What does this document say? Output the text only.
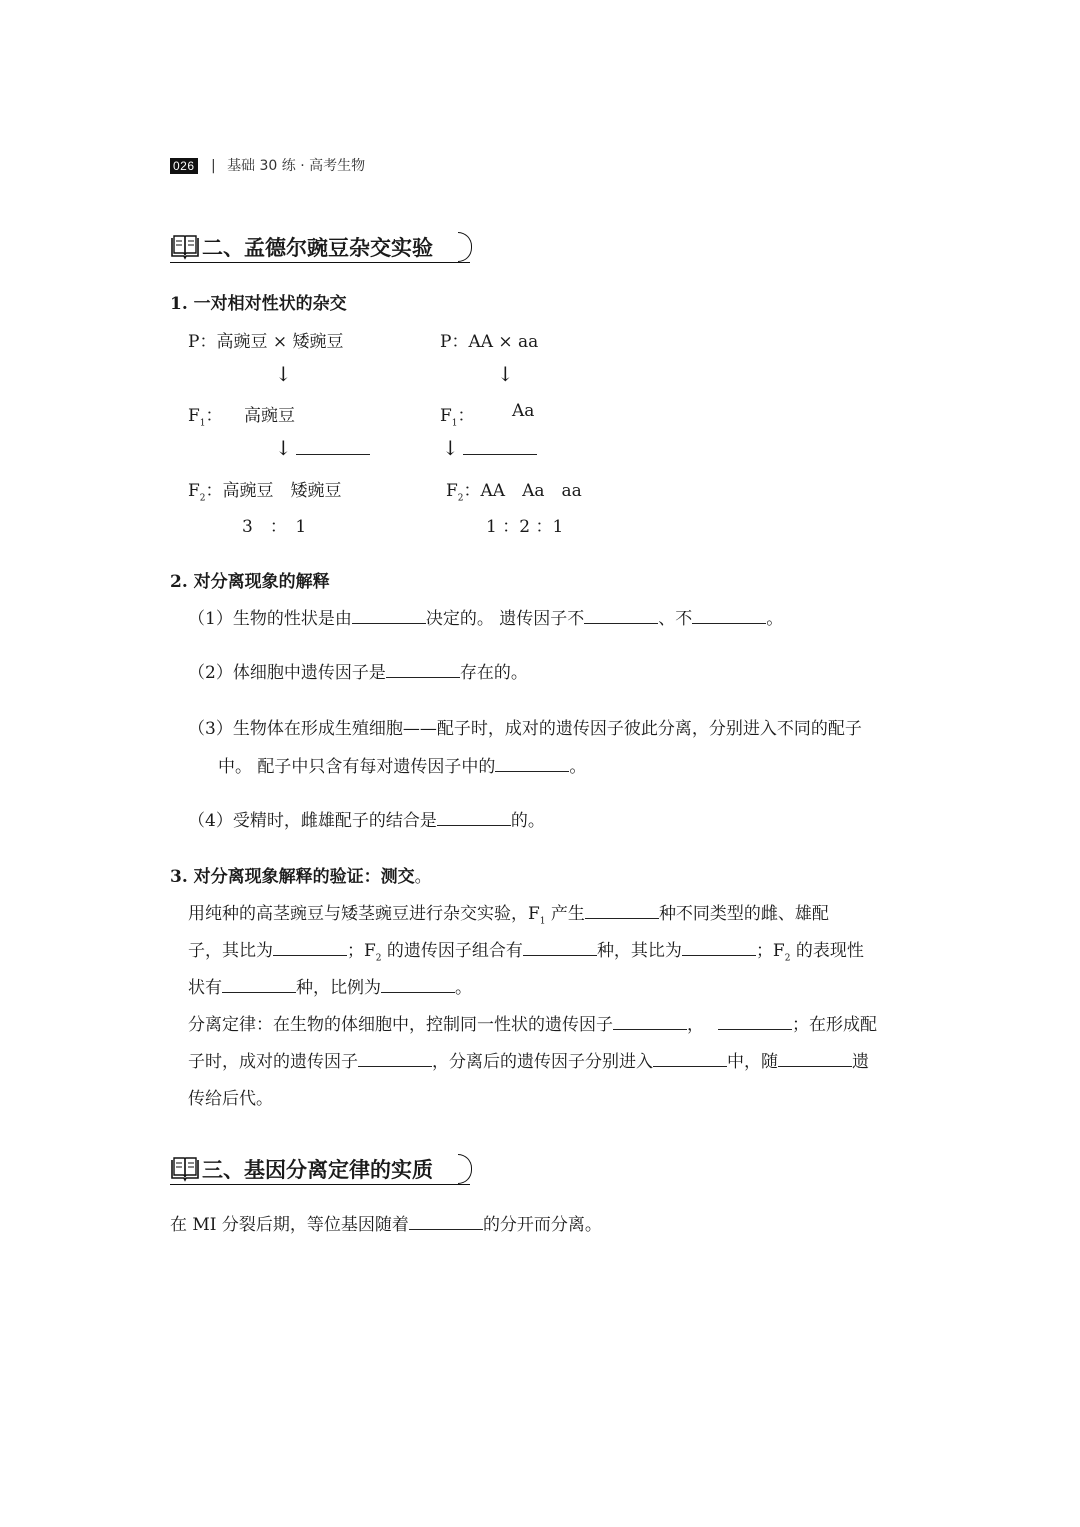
026 | 基础 30 练 · 高考生物
二、孟德尔豌豆杂交实验
1. 一对相对性状的杂交
P：高豌豆 × 矮豌豆	P：AA × aa
↓	↓
$F_1$： 高豌豆	$F_1$： Aa
↓	↓
$F_2$：高豌豆　矮豌豆	$F_2$：AA　Aa　aa
3　：　1	1 ：2 ：1
2. 对分离现象的解释
（1）生物的性状是由	决定的。 遗传因子不	、不	。
（2）体细胞中遗传因子是	存在的。
（3）生物体在形成生殖细胞——配子时，成对的遗传因子彼此分离，分别进入不同的配子
中。 配子中只含有每对遗传因子中的	。
（4）受精时，雌雄配子的结合是	的。
3. 对分离现象解释的验证：测交。
用纯种的高茎豌豆与矮茎豌豆进行杂交实验，$F_1$ 产生	种不同类型的雌、雄配
子，其比为	；$F_2$ 的遗传因子组合有	种，其比为	；$F_2$ 的表现性
状有	种，比例为	。
分离定律：在生物的体细胞中，控制同一性状的遗传因子	，	；在形成配
子时，成对的遗传因子	，分离后的遗传因子分别进入	中，随	遗
传给后代。
三、基因分离定律的实质
在 MI 分裂后期，等位基因随着	的分开而分离。
